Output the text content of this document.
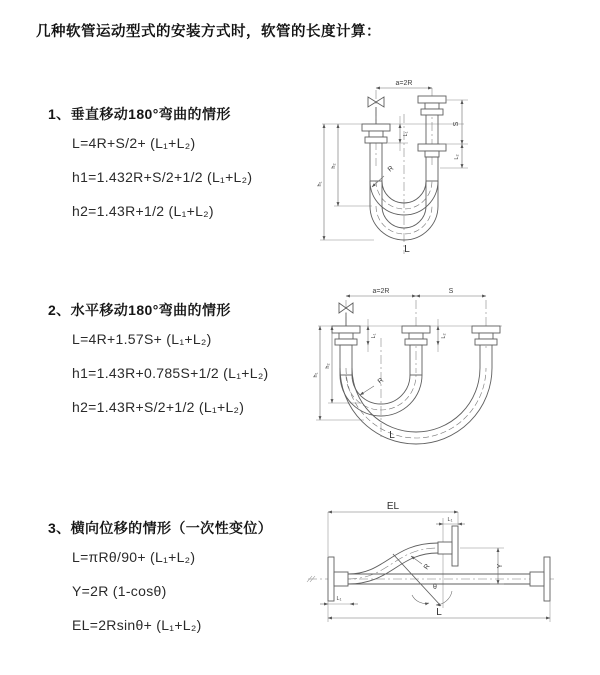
几种软管运动型式的安装方式时，软管的长度计算：
1、垂直移动180°弯曲的情形
L=4R+S/2+ (L₁+L₂)
h1=1.432R+S/2+1/2 (L₁+L₂)
h2=1.43R+1/2 (L₁+L₂)
2、水平移动180°弯曲的情形
L=4R+1.57S+ (L₁+L₂)
h1=1.43R+0.785S+1/2 (L₁+L₂)
h2=1.43R+S/2+1/2 (L₁+L₂)
3、横向位移的情形（一次性变位）
L=πRθ/90+ (L₁+L₂)
Y=2R (1-cosθ)
EL=2Rsinθ+ (L₁+L₂)
a=2R
S
L₂
h₁
h₂
L₁
R
L
a=2R	S
L₁	L₂
h₁
h₂
R
L
EL
L₁
Y
θ
R
L₁
L
